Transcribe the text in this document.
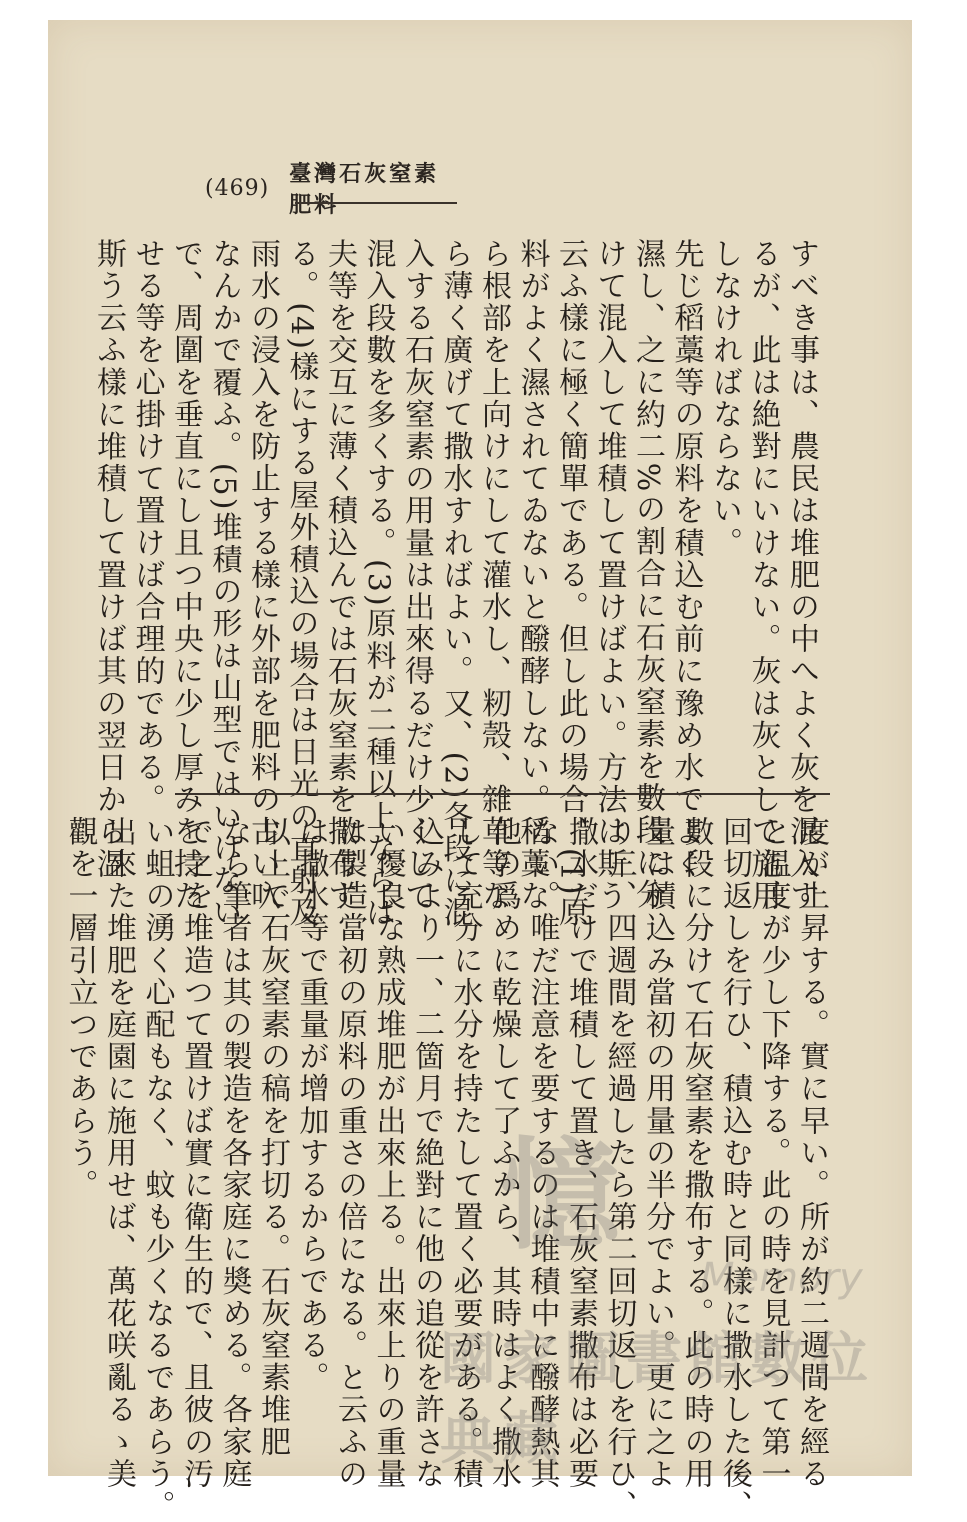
(469)
臺灣石灰窒素肥料
すべき事は、農民は堆肥の中へよく灰を混入す
るが、此は絶對にいけない。灰は灰として施用
しなければならない。
先じ稻藁等の原料を積込む前に豫め水でよく
濕し、之に約二%の割合に石灰窒素を數段に分
けて混入して堆積して置けばよい。方法は斯う
云ふ樣に極く簡單である。但し此の場合、(1)原
料がよく濕されてゐないと醱酵しない。稻藁な
ら根部を上向けにして灌水し、籾殼、雜草等な
ら薄く廣げて撒水すればよい。又、(2)各段に混
入する石灰窒素の用量は出來得るだけ少くして
混入段數を多くする。(3)原料が二種以上ならば
夫等を交互に薄く積込んでは石灰窒素を撒布す
る。(4)樣にする屋外積込の場合は日光の直射及
雨水の浸入を防止する樣に外部を肥料の古い叺
なんかで覆ふ。(5)堆積の形は山型ではいけない
で、周圍を垂直にし且つ中央に少し厚みを持た
せる等を心掛けて置けば合理的である。
斯う云ふ樣に堆積して置けば其の翌日から温
度が上昇する。實に早い。所が約二週間を經る
と温度が少し下降する。此の時を見計つて第一
回切返しを行ひ、積込む時と同樣に撒水した後、
數段に分けて石灰窒素を撒布する。此の時の用
量は積込み當初の用量の半分でよい。更に之よ
り三、四週間を經過したら第二回切返しを行ひ、
撒水だけで堆積して置き、石灰窒素撒布は必要
ない。唯だ注意を要するのは堆積中に醱酵熱其
他の爲めに乾燥して了ふから、其時はよく撒水
して充分に水分を持たして置く必要がある。積
込みより一、二箇月で絶對に他の追從を許さな
い優良な熟成堆肥が出來上る。出來上りの重量
は製造當初の原料の重さの倍になる。と云ふの
は撒水等で重量が增加するからである。
以上で石灰窒素の稿を打切る。石灰窒素堆肥
なら筆者は其の製造を各家庭に奬める。各家庭
で之を堆造つて置けば實に衛生的で、且彼の汚
い蛆の湧く心配もなく、蚊も少くなるであらう。
出來た堆肥を庭園に施用せば、萬花咲亂るゝ美
觀を一層引立つであらう。	憶
Memory
國家圖書館數位典藏
